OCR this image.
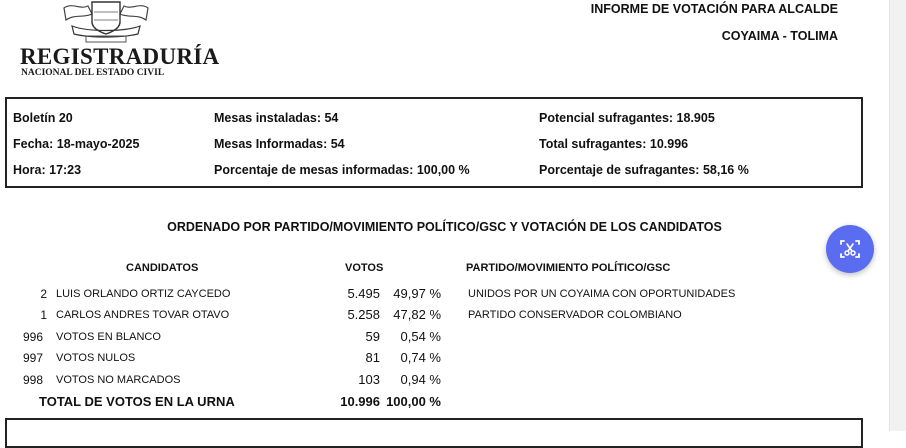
REGISTRADURÍA
NACIONAL DEL ESTADO CIVIL
INFORME DE VOTACIÓN PARA ALCALDE
COYAIMA - TOLIMA
Boletín 20
Fecha: 18-mayo-2025
Hora: 17:23
Mesas instaladas: 54
Mesas Informadas: 54
Porcentaje de mesas informadas: 100,00 %
Potencial sufragantes: 18.905
Total sufragantes: 10.996
Porcentaje de sufragantes: 58,16 %
ORDENADO POR PARTIDO/MOVIMIENTO POLÍTICO/GSC Y VOTACIÓN DE LOS CANDIDATOS
CANDIDATOS	VOTOS	PARTIDO/MOVIMIENTO POLÍTICO/GSC
2 LUIS ORLANDO ORTIZ CAYCEDO	5.495 49,97 % UNIDOS POR UN COYAIMA CON OPORTUNIDADES
1 CARLOS ANDRES TOVAR OTAVO	5.258 47,82 % PARTIDO CONSERVADOR COLOMBIANO
996 VOTOS EN BLANCO	59 0,54 %
997 VOTOS NULOS	81 0,74 %
998 VOTOS NO MARCADOS	103 0,94 %
TOTAL DE VOTOS EN LA URNA	10.996 100,00 %
